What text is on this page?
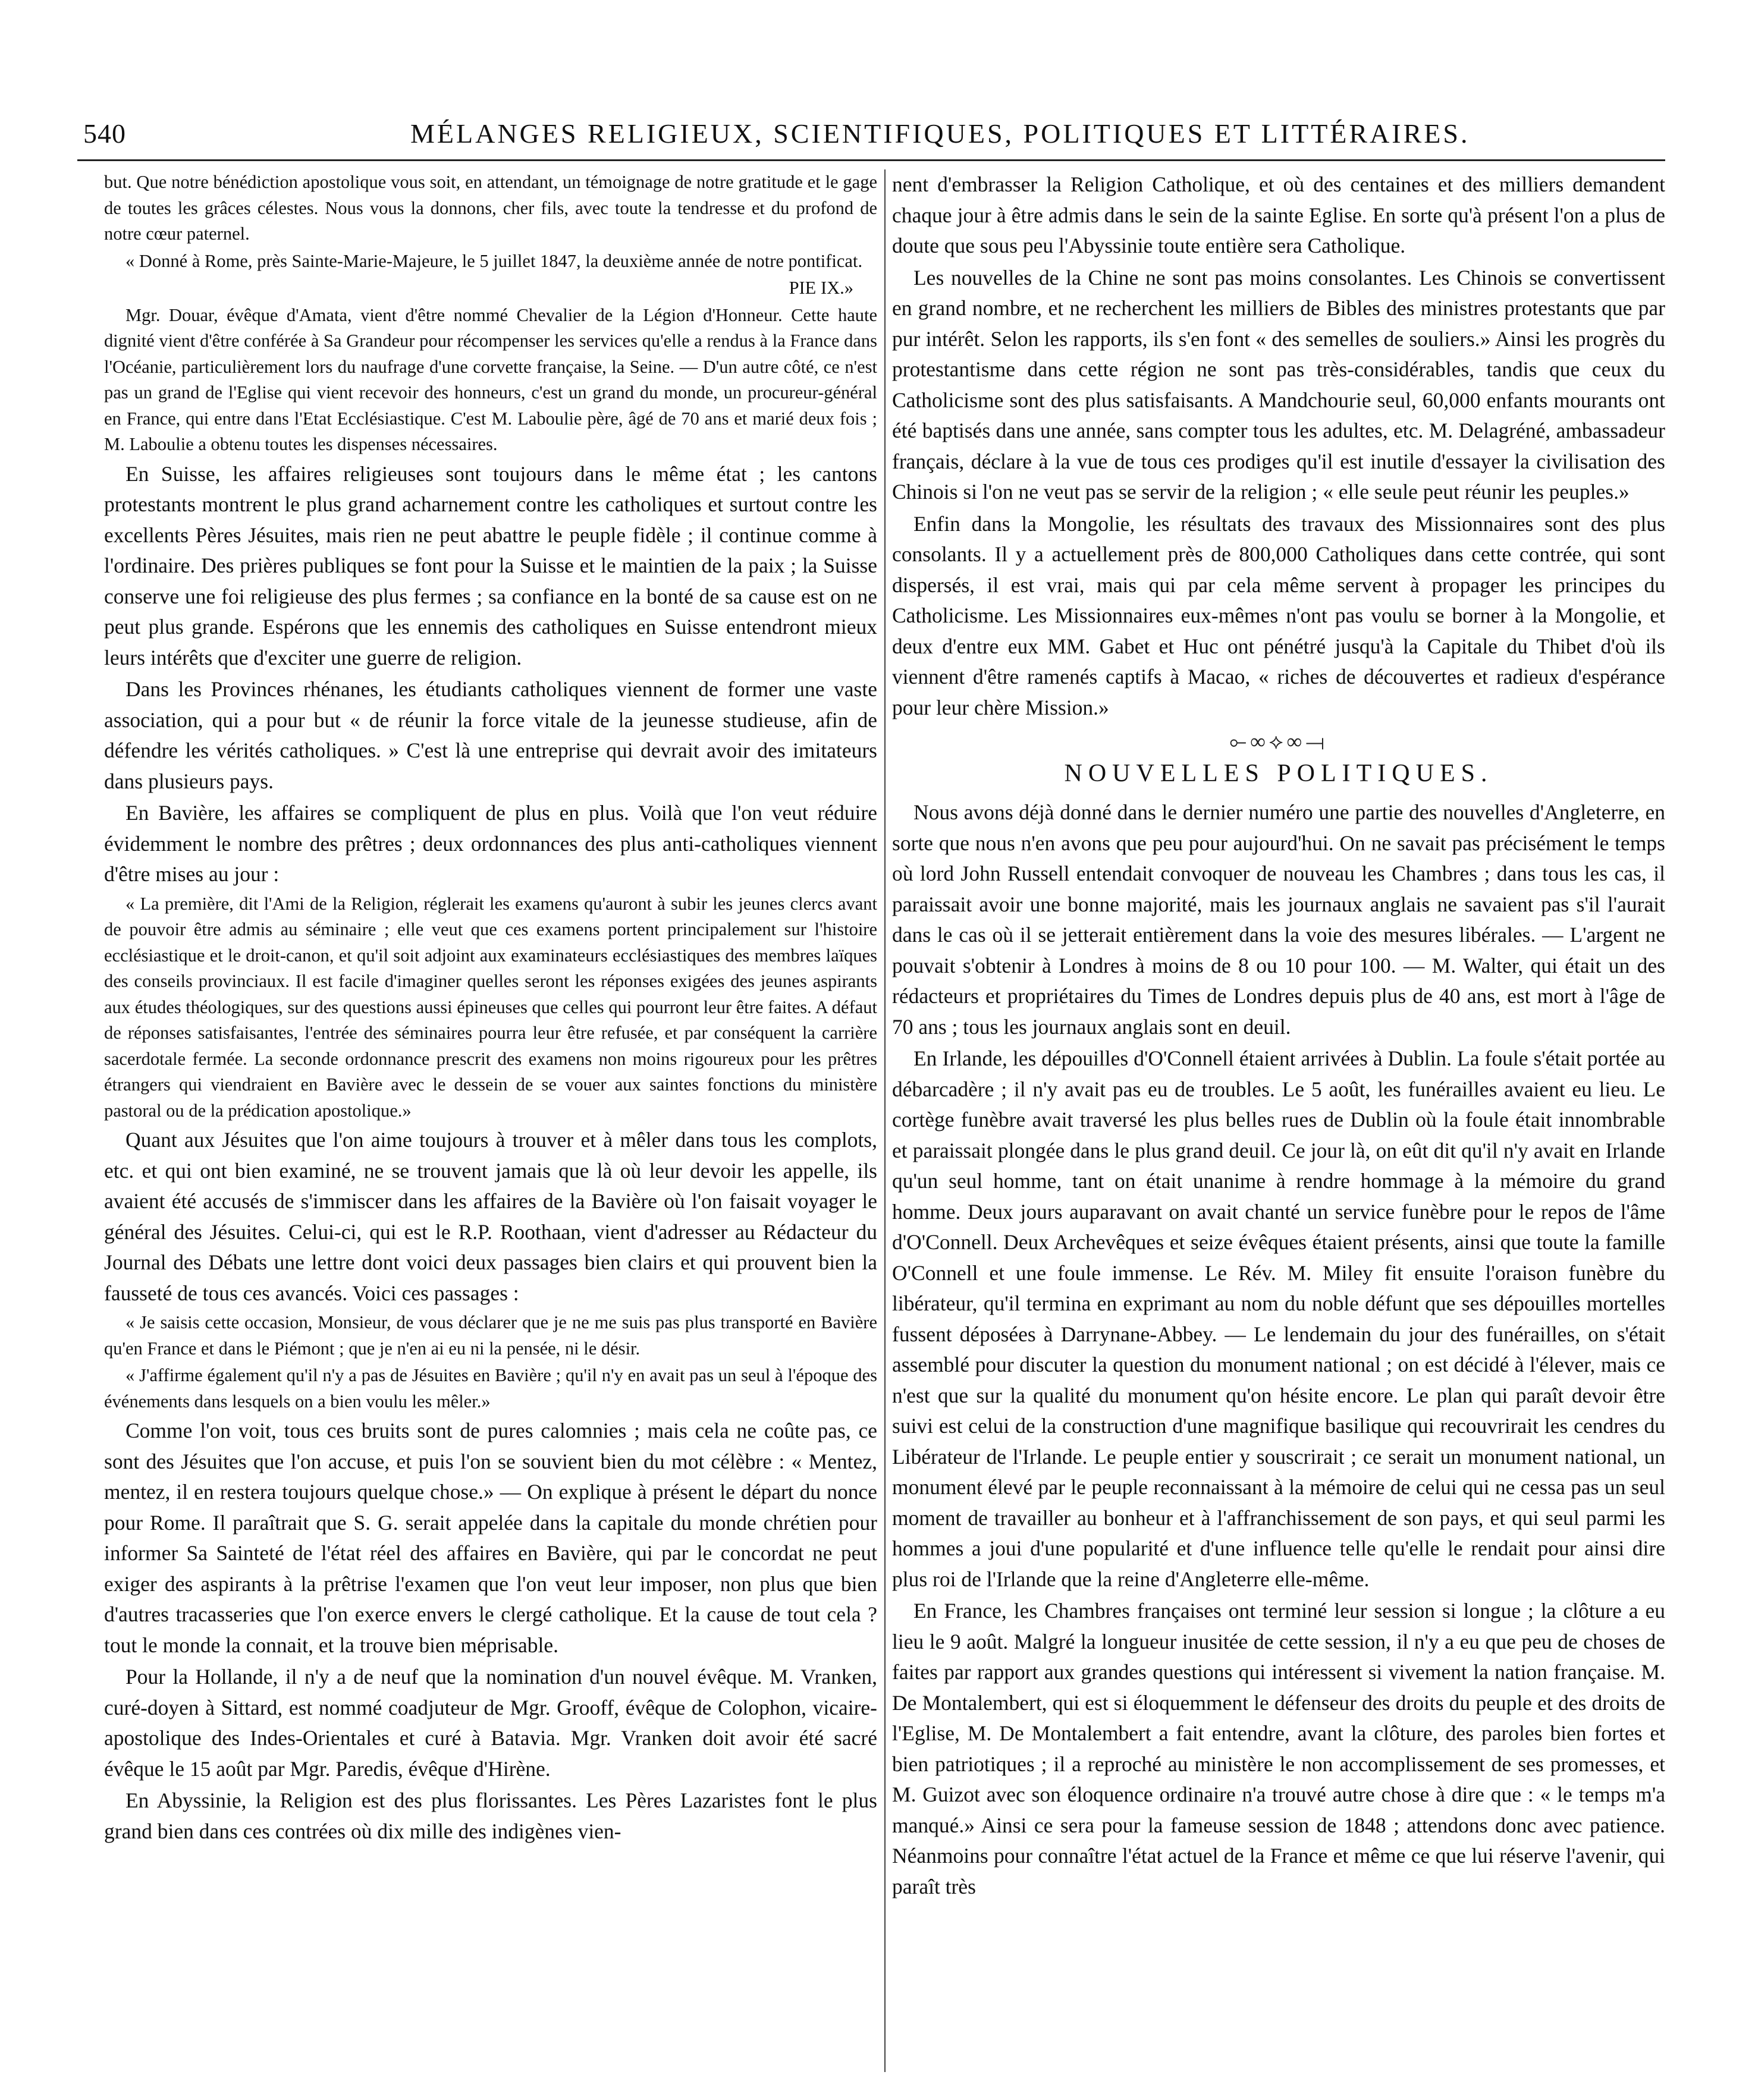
540	MÉLANGES RELIGIEUX, SCIENTIFIQUES, POLITIQUES ET LITTÉRAIRES.

but. Que notre bénédiction apostolique vous soit, en attendant, un témoignage de notre gratitude et le gage de toutes les grâces célestes. Nous vous la donnons, cher fils, avec toute la tendresse et du profond de notre cœur paternel.

« Donné à Rome, près Sainte-Marie-Majeure, le 5 juillet 1847, la deuxième année de notre pontificat.

PIE IX.»

Mgr. Douar, évêque d'Amata, vient d'être nommé Chevalier de la Légion d'Honneur. Cette haute dignité vient d'être conférée à Sa Grandeur pour récompenser les services qu'elle a rendus à la France dans l'Océanie, particulièrement lors du naufrage d'une corvette française, la Seine. — D'un autre côté, ce n'est pas un grand de l'Eglise qui vient recevoir des honneurs, c'est un grand du monde, un procureur-général en France, qui entre dans l'Etat Ecclésiastique. C'est M. Laboulie père, âgé de 70 ans et marié deux fois ; M. Laboulie a obtenu toutes les dispenses nécessaires.

En Suisse, les affaires religieuses sont toujours dans le même état ; les cantons protestants montrent le plus grand acharnement contre les catholiques et surtout contre les excellents Pères Jésuites, mais rien ne peut abattre le peuple fidèle ; il continue comme à l'ordinaire. Des prières publiques se font pour la Suisse et le maintien de la paix ; la Suisse conserve une foi religieuse des plus fermes ; sa confiance en la bonté de sa cause est on ne peut plus grande. Espérons que les ennemis des catholiques en Suisse entendront mieux leurs intérêts que d'exciter une guerre de religion.

Dans les Provinces rhénanes, les étudiants catholiques viennent de former une vaste association, qui a pour but « de réunir la force vitale de la jeunesse studieuse, afin de défendre les vérités catholiques. » C'est là une entreprise qui devrait avoir des imitateurs dans plusieurs pays.

En Bavière, les affaires se compliquent de plus en plus. Voilà que l'on veut réduire évidemment le nombre des prêtres ; deux ordonnances des plus anti-catholiques viennent d'être mises au jour :

« La première, dit l'Ami de la Religion, réglerait les examens qu'auront à subir les jeunes clercs avant de pouvoir être admis au séminaire ; elle veut que ces examens portent principalement sur l'histoire ecclésiastique et le droit-canon, et qu'il soit adjoint aux examinateurs ecclésiastiques des membres laïques des conseils provinciaux. Il est facile d'imaginer quelles seront les réponses exigées des jeunes aspirants aux études théologiques, sur des questions aussi épineuses que celles qui pourront leur être faites. A défaut de réponses satisfaisantes, l'entrée des séminaires pourra leur être refusée, et par conséquent la carrière sacerdotale fermée. La seconde ordonnance prescrit des examens non moins rigoureux pour les prêtres étrangers qui viendraient en Bavière avec le dessein de se vouer aux saintes fonctions du ministère pastoral ou de la prédication apostolique.»

Quant aux Jésuites que l'on aime toujours à trouver et à mêler dans tous les complots, etc. et qui ont bien examiné, ne se trouvent jamais que là où leur devoir les appelle, ils avaient été accusés de s'immiscer dans les affaires de la Bavière où l'on faisait voyager le général des Jésuites. Celui-ci, qui est le R.P. Roothaan, vient d'adresser au Rédacteur du Journal des Débats une lettre dont voici deux passages bien clairs et qui prouvent bien la fausseté de tous ces avancés. Voici ces passages :

« Je saisis cette occasion, Monsieur, de vous déclarer que je ne me suis pas plus transporté en Bavière qu'en France et dans le Piémont ; que je n'en ai eu ni la pensée, ni le désir.

« J'affirme également qu'il n'y a pas de Jésuites en Bavière ; qu'il n'y en avait pas un seul à l'époque des événements dans lesquels on a bien voulu les mêler.»

Comme l'on voit, tous ces bruits sont de pures calomnies ; mais cela ne coûte pas, ce sont des Jésuites que l'on accuse, et puis l'on se souvient bien du mot célèbre : « Mentez, mentez, il en restera toujours quelque chose.» — On explique à présent le départ du nonce pour Rome. Il paraîtrait que S. G. serait appelée dans la capitale du monde chrétien pour informer Sa Sainteté de l'état réel des affaires en Bavière, qui par le concordat ne peut exiger des aspirants à la prêtrise l'examen que l'on veut leur imposer, non plus que bien d'autres tracasseries que l'on exerce envers le clergé catholique. Et la cause de tout cela ? tout le monde la connait, et la trouve bien méprisable.

Pour la Hollande, il n'y a de neuf que la nomination d'un nouvel évêque. M. Vranken, curé-doyen à Sittard, est nommé coadjuteur de Mgr. Grooff, évêque de Colophon, vicaire-apostolique des Indes-Orientales et curé à Batavia. Mgr. Vranken doit avoir été sacré évêque le 15 août par Mgr. Paredis, évêque d'Hirène.

En Abyssinie, la Religion est des plus florissantes. Les Pères Lazaristes font le plus grand bien dans ces contrées où dix mille des indigènes vien-

nent d'embrasser la Religion Catholique, et où des centaines et des milliers demandent chaque jour à être admis dans le sein de la sainte Eglise. En sorte qu'à présent l'on a plus de doute que sous peu l'Abyssinie toute entière sera Catholique.

Les nouvelles de la Chine ne sont pas moins consolantes. Les Chinois se convertissent en grand nombre, et ne recherchent les milliers de Bibles des ministres protestants que par pur intérêt. Selon les rapports, ils s'en font « des semelles de souliers.» Ainsi les progrès du protestantisme dans cette région ne sont pas très-considérables, tandis que ceux du Catholicisme sont des plus satisfaisants. A Mandchourie seul, 60,000 enfants mourants ont été baptisés dans une année, sans compter tous les adultes, etc. M. Delagréné, ambassadeur français, déclare à la vue de tous ces prodiges qu'il est inutile d'essayer la civilisation des Chinois si l'on ne veut pas se servir de la religion ; « elle seule peut réunir les peuples.»

Enfin dans la Mongolie, les résultats des travaux des Missionnaires sont des plus consolants. Il y a actuellement près de 800,000 Catholiques dans cette contrée, qui sont dispersés, il est vrai, mais qui par cela même servent à propager les principes du Catholicisme. Les Missionnaires eux-mêmes n'ont pas voulu se borner à la Mongolie, et deux d'entre eux MM. Gabet et Huc ont pénétré jusqu'à la Capitale du Thibet d'où ils viennent d'être ramenés captifs à Macao, « riches de découvertes et radieux d'espérance pour leur chère Mission.»

⟜∞⟡∞⟞
NOUVELLES POLITIQUES.

Nous avons déjà donné dans le dernier numéro une partie des nouvelles d'Angleterre, en sorte que nous n'en avons que peu pour aujourd'hui. On ne savait pas précisément le temps où lord John Russell entendait convoquer de nouveau les Chambres ; dans tous les cas, il paraissait avoir une bonne majorité, mais les journaux anglais ne savaient pas s'il l'aurait dans le cas où il se jetterait entièrement dans la voie des mesures libérales. — L'argent ne pouvait s'obtenir à Londres à moins de 8 ou 10 pour 100. — M. Walter, qui était un des rédacteurs et propriétaires du Times de Londres depuis plus de 40 ans, est mort à l'âge de 70 ans ; tous les journaux anglais sont en deuil.

En Irlande, les dépouilles d'O'Connell étaient arrivées à Dublin. La foule s'était portée au débarcadère ; il n'y avait pas eu de troubles. Le 5 août, les funérailles avaient eu lieu. Le cortège funèbre avait traversé les plus belles rues de Dublin où la foule était innombrable et paraissait plongée dans le plus grand deuil. Ce jour là, on eût dit qu'il n'y avait en Irlande qu'un seul homme, tant on était unanime à rendre hommage à la mémoire du grand homme. Deux jours auparavant on avait chanté un service funèbre pour le repos de l'âme d'O'Connell. Deux Archevêques et seize évêques étaient présents, ainsi que toute la famille O'Connell et une foule immense. Le Rév. M. Miley fit ensuite l'oraison funèbre du libérateur, qu'il termina en exprimant au nom du noble défunt que ses dépouilles mortelles fussent déposées à Darrynane-Abbey. — Le lendemain du jour des funérailles, on s'était assemblé pour discuter la question du monument national ; on est décidé à l'élever, mais ce n'est que sur la qualité du monument qu'on hésite encore. Le plan qui paraît devoir être suivi est celui de la construction d'une magnifique basilique qui recouvrirait les cendres du Libérateur de l'Irlande. Le peuple entier y souscrirait ; ce serait un monument national, un monument élevé par le peuple reconnaissant à la mémoire de celui qui ne cessa pas un seul moment de travailler au bonheur et à l'affranchissement de son pays, et qui seul parmi les hommes a joui d'une popularité et d'une influence telle qu'elle le rendait pour ainsi dire plus roi de l'Irlande que la reine d'Angleterre elle-même.

En France, les Chambres françaises ont terminé leur session si longue ; la clôture a eu lieu le 9 août. Malgré la longueur inusitée de cette session, il n'y a eu que peu de choses de faites par rapport aux grandes questions qui intéressent si vivement la nation française. M. De Montalembert, qui est si éloquemment le défenseur des droits du peuple et des droits de l'Eglise, M. De Montalembert a fait entendre, avant la clôture, des paroles bien fortes et bien patriotiques ; il a reproché au ministère le non accomplissement de ses promesses, et M. Guizot avec son éloquence ordinaire n'a trouvé autre chose à dire que : « le temps m'a manqué.» Ainsi ce sera pour la fameuse session de 1848 ; attendons donc avec patience. Néanmoins pour connaître l'état actuel de la France et même ce que lui réserve l'avenir, qui paraît très
